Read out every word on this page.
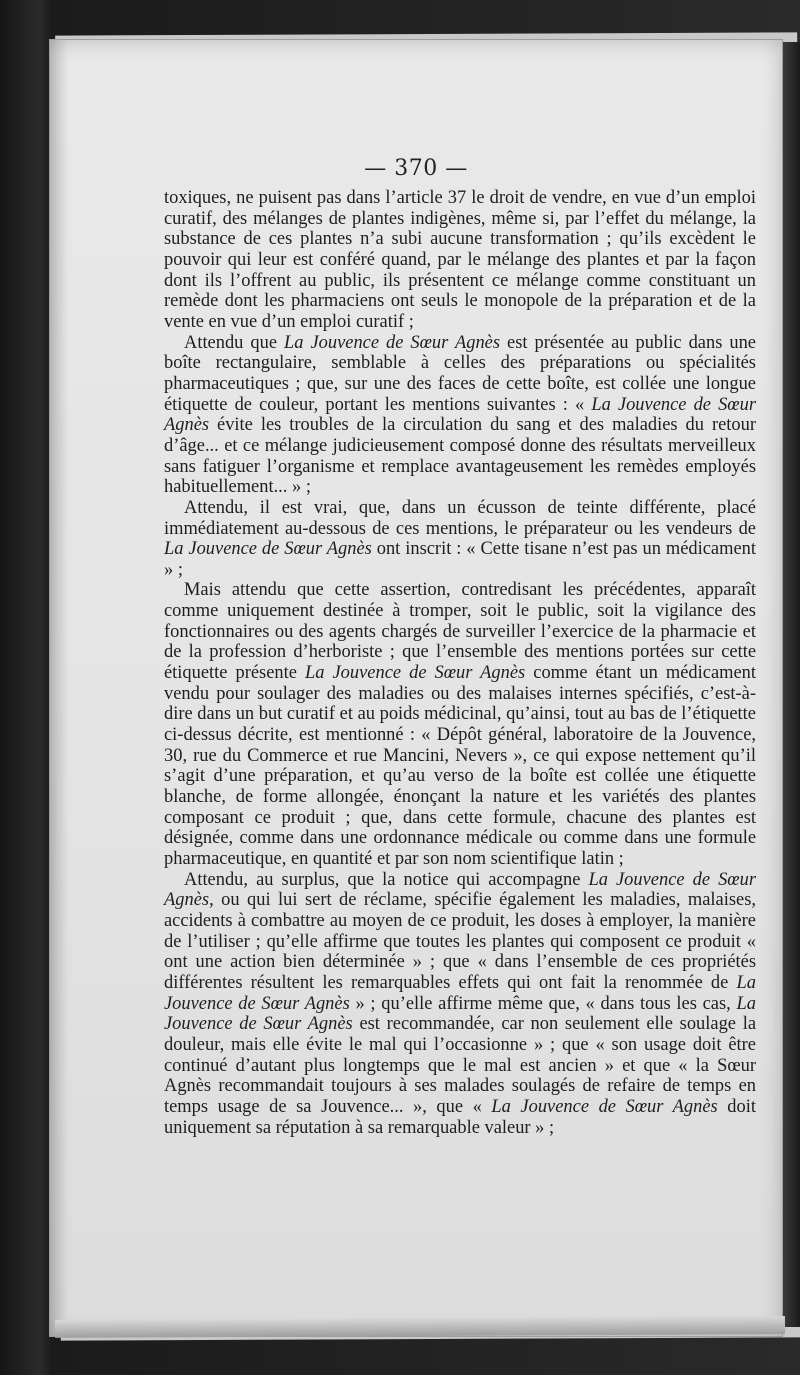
— 370 —

toxiques, ne puisent pas dans l’article 37 le droit de vendre, en vue d’un emploi curatif, des mélanges de plantes indigènes, même si, par l’effet du mélange, la substance de ces plantes n’a subi aucune transformation ; qu’ils excèdent le pouvoir qui leur est conféré quand, par le mélange des plantes et par la façon dont ils l’offrent au public, ils présentent ce mélange comme constituant un remède dont les pharmaciens ont seuls le monopole de la préparation et de la vente en vue d’un emploi curatif ;

Attendu que La Jouvence de Sœur Agnès est présentée au public dans une boîte rectangulaire, semblable à celles des préparations ou spécialités pharmaceutiques ; que, sur une des faces de cette boîte, est collée une longue étiquette de couleur, portant les mentions suivantes : « La Jouvence de Sœur Agnès évite les troubles de la circulation du sang et des maladies du retour d’âge... et ce mélange judicieusement composé donne des résultats merveilleux sans fatiguer l’organisme et remplace avantageusement les remèdes employés habituellement... » ;

Attendu, il est vrai, que, dans un écusson de teinte différente, placé immédiatement au-dessous de ces mentions, le préparateur ou les vendeurs de La Jouvence de Sœur Agnès ont inscrit : « Cette tisane n’est pas un médicament » ;

Mais attendu que cette assertion, contredisant les précédentes, apparaît comme uniquement destinée à tromper, soit le public, soit la vigilance des fonctionnaires ou des agents chargés de surveiller l’exercice de la pharmacie et de la profession d’herboriste ; que l’ensemble des mentions portées sur cette étiquette présente La Jouvence de Sœur Agnès comme étant un médicament vendu pour soulager des maladies ou des malaises internes spécifiés, c’est-à-dire dans un but curatif et au poids médicinal, qu’ainsi, tout au bas de l’étiquette ci-dessus décrite, est mentionné : « Dépôt général, laboratoire de la Jouvence, 30, rue du Commerce et rue Mancini, Nevers », ce qui expose nettement qu’il s’agit d’une préparation, et qu’au verso de la boîte est collée une étiquette blanche, de forme allongée, énonçant la nature et les variétés des plantes composant ce produit ; que, dans cette formule, chacune des plantes est désignée, comme dans une ordonnance médicale ou comme dans une formule pharmaceutique, en quantité et par son nom scientifique latin ;

Attendu, au surplus, que la notice qui accompagne La Jouvence de Sœur Agnès, ou qui lui sert de réclame, spécifie également les maladies, malaises, accidents à combattre au moyen de ce produit, les doses à employer, la manière de l’utiliser ; qu’elle affirme que toutes les plantes qui composent ce produit « ont une action bien déterminée » ; que « dans l’ensemble de ces propriétés différentes résultent les remarquables effets qui ont fait la renommée de La Jouvence de Sœur Agnès » ; qu’elle affirme même que, « dans tous les cas, La Jouvence de Sœur Agnès est recommandée, car non seulement elle soulage la douleur, mais elle évite le mal qui l’occasionne » ; que « son usage doit être continué d’autant plus longtemps que le mal est ancien » et que « la Sœur Agnès recommandait toujours à ses malades soulagés de refaire de temps en temps usage de sa Jouvence... », que « La Jouvence de Sœur Agnès doit uniquement sa réputation à sa remarquable valeur » ;
